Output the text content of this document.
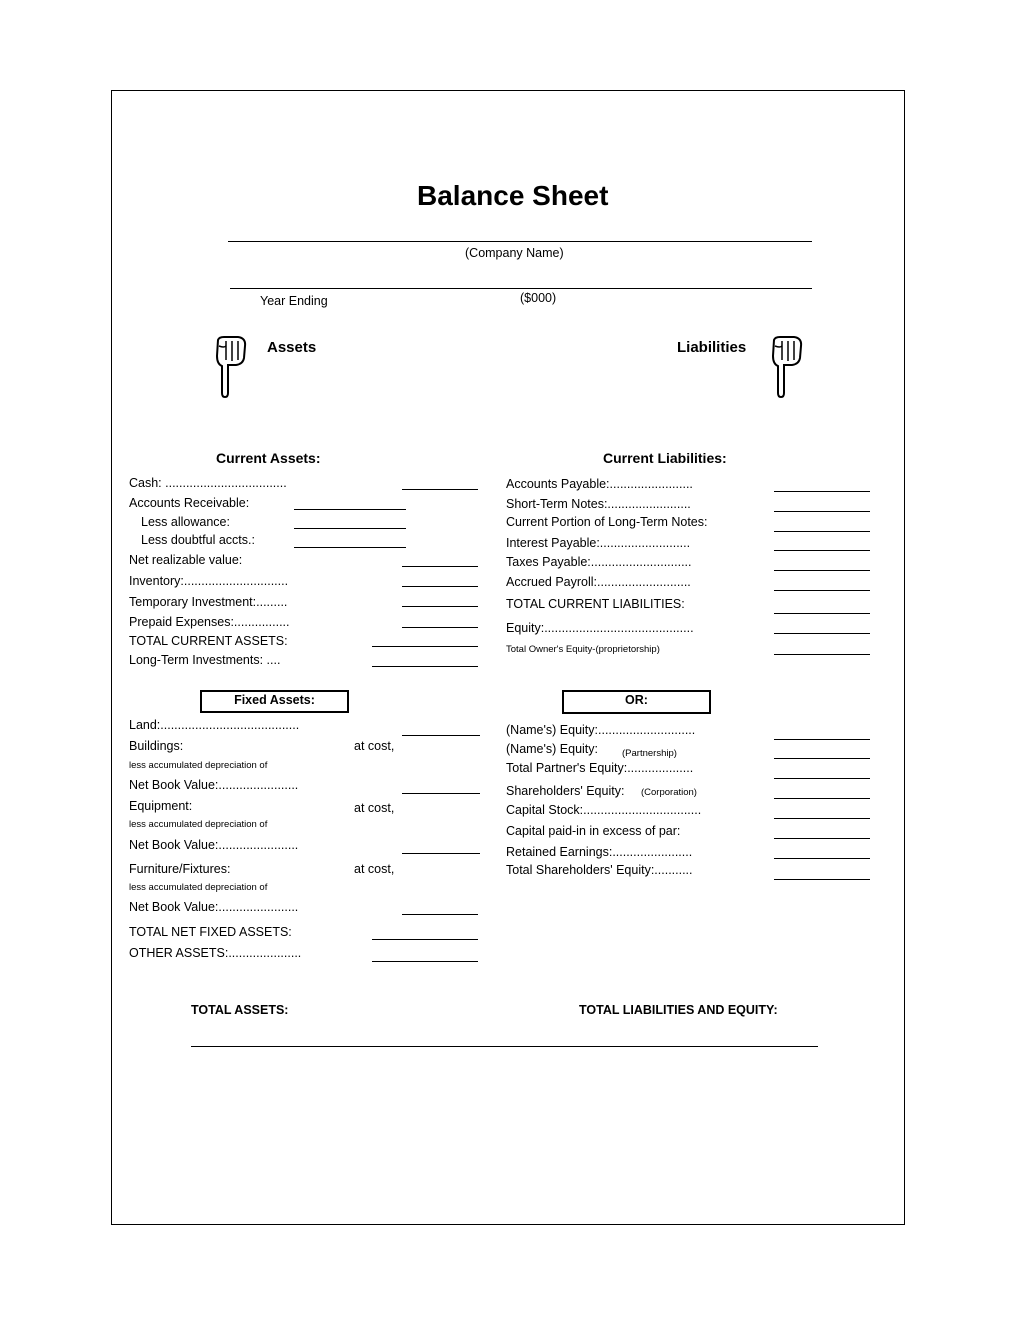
Balance Sheet
(Company Name)
Year Ending	($000)
Assets	Liabilities
Current Assets:
Cash: ...................................
Accounts Receivable:
Less allowance:
Less doubtful accts.:
Net realizable value:
Inventory:..............................
Temporary Investment:.........
Prepaid Expenses:................
TOTAL CURRENT ASSETS:
Long-Term Investments: ....
Fixed Assets:
Land:........................................
Buildings:	at cost,
less accumulated depreciation of
Net Book Value:.......................
Equipment:	at cost,
less accumulated depreciation of
Net Book Value:.......................
Furniture/Fixtures:	at cost,
less accumulated depreciation of
Net Book Value:.......................
TOTAL NET FIXED ASSETS:
OTHER ASSETS:.....................
Current Liabilities:
Accounts Payable:........................
Short-Term Notes:........................
Current Portion of Long-Term Notes:
Interest Payable:..........................
Taxes Payable:.............................
Accrued Payroll:...........................
TOTAL CURRENT LIABILITIES:
Equity:...........................................
Total Owner's Equity-(proprietorship)
OR:
(Name's) Equity:............................
(Name's) Equity:	(Partnership)
Total Partner's Equity:...................
Shareholders' Equity: (Corporation)
Capital Stock:..................................
Capital paid-in in excess of par:
Retained Earnings:.......................
Total Shareholders' Equity:...........
TOTAL ASSETS:	TOTAL LIABILITIES AND EQUITY:
